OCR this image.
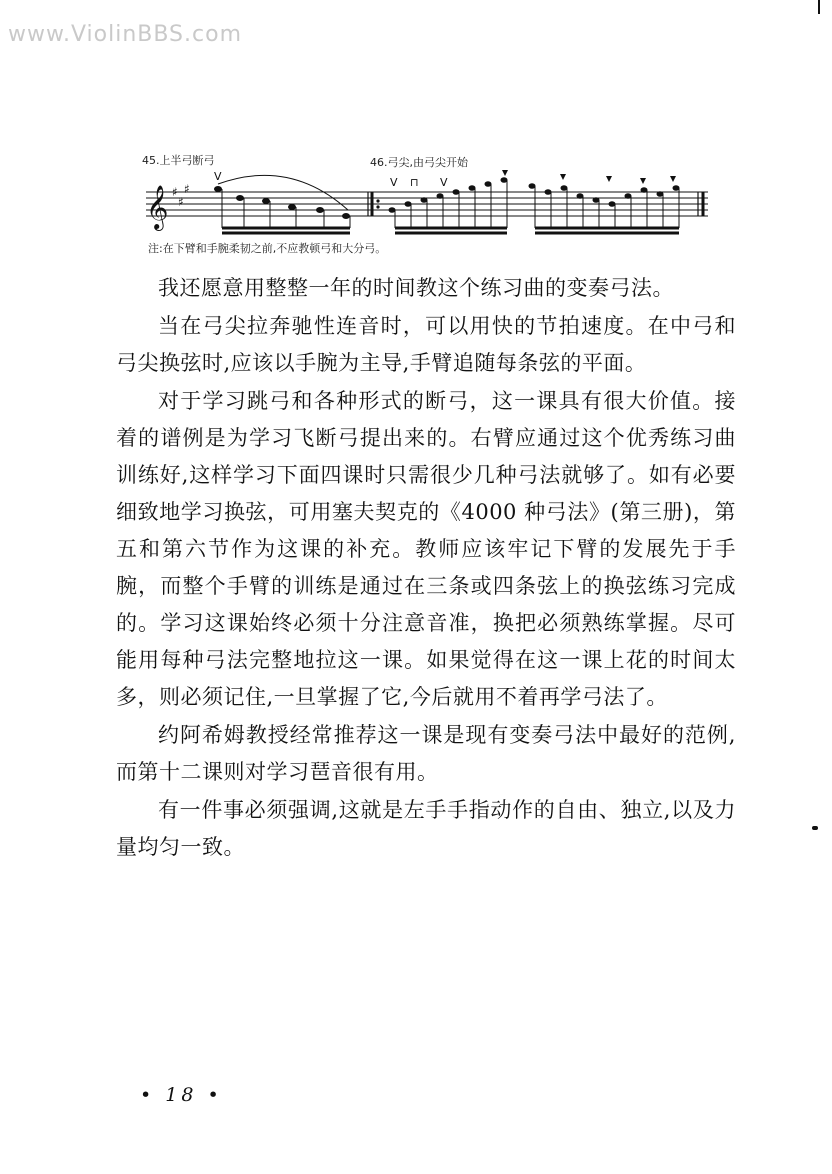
www.ViolinBBS.com
45.上半弓断弓	46.弓尖,由弓尖开始
𝄞 ♯
♯
♯
V	V ⊓ V
注:在下臂和手腕柔韧之前,不应教顿弓和大分弓。

我还愿意用整整一年的时间教这个练习曲的变奏弓法。

当在弓尖拉奔驰性连音时，可以用快的节拍速度。在中弓和弓尖换弦时,应该以手腕为主导,手臂追随每条弦的平面。

对于学习跳弓和各种形式的断弓，这一课具有很大价值。接着的谱例是为学习飞断弓提出来的。右臂应通过这个优秀练习曲训练好,这样学习下面四课时只需很少几种弓法就够了。如有必要细致地学习换弦，可用塞夫契克的《4000 种弓法》(第三册)，第五和第六节作为这课的补充。教师应该牢记下臂的发展先于手腕，而整个手臂的训练是通过在三条或四条弦上的换弦练习完成的。学习这课始终必须十分注意音准，换把必须熟练掌握。尽可能用每种弓法完整地拉这一课。如果觉得在这一课上花的时间太多，则必须记住,一旦掌握了它,今后就用不着再学弓法了。

约阿希姆教授经常推荐这一课是现有变奏弓法中最好的范例,而第十二课则对学习琶音很有用。

有一件事必须强调,这就是左手手指动作的自由、独立,以及力量均匀一致。

• 18 •
